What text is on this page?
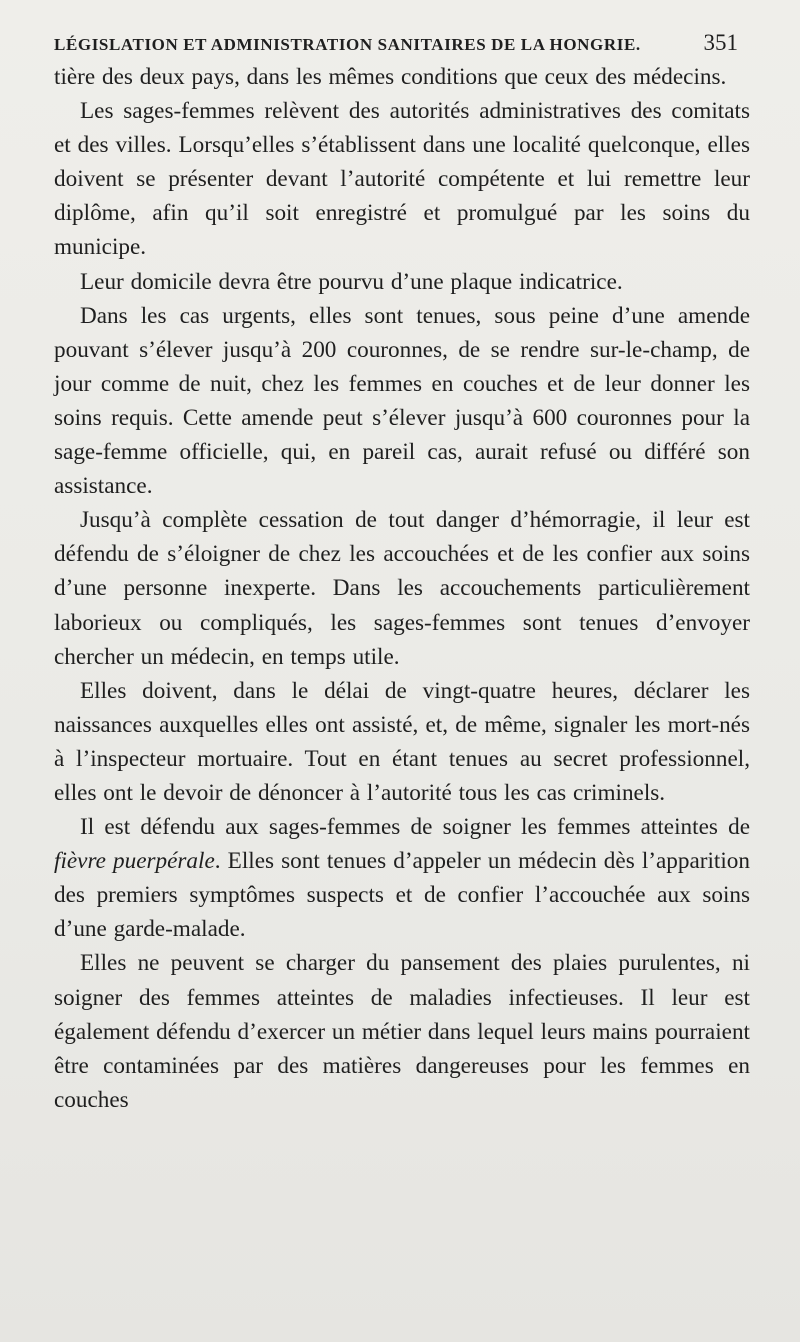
LÉGISLATION ET ADMINISTRATION SANITAIRES DE LA HONGRIE.	351

tière des deux pays, dans les mêmes conditions que ceux des médecins.

Les sages-femmes relèvent des autorités administratives des comitats et des villes. Lorsqu’elles s’établissent dans une localité quelconque, elles doivent se présenter devant l’autorité compétente et lui remettre leur diplôme, afin qu’il soit enregistré et promulgué par les soins du municipe.

Leur domicile devra être pourvu d’une plaque indicatrice.

Dans les cas urgents, elles sont tenues, sous peine d’une amende pouvant s’élever jusqu’à 200 couronnes, de se rendre sur-le-champ, de jour comme de nuit, chez les femmes en couches et de leur donner les soins requis. Cette amende peut s’élever jusqu’à 600 couronnes pour la sage-femme officielle, qui, en pareil cas, aurait refusé ou différé son assistance.

Jusqu’à complète cessation de tout danger d’hémorragie, il leur est défendu de s’éloigner de chez les accouchées et de les confier aux soins d’une personne inexperte. Dans les accouchements particulièrement laborieux ou compliqués, les sages-femmes sont tenues d’envoyer chercher un médecin, en temps utile.

Elles doivent, dans le délai de vingt-quatre heures, déclarer les naissances auxquelles elles ont assisté, et, de même, signaler les mort-nés à l’inspecteur mortuaire. Tout en étant tenues au secret professionnel, elles ont le devoir de dénoncer à l’autorité tous les cas criminels.

Il est défendu aux sages-femmes de soigner les femmes atteintes de fièvre puerpérale. Elles sont tenues d’appeler un médecin dès l’apparition des premiers symptômes suspects et de confier l’accouchée aux soins d’une garde-malade.

Elles ne peuvent se charger du pansement des plaies purulentes, ni soigner des femmes atteintes de maladies infectieuses. Il leur est également défendu d’exercer un métier dans lequel leurs mains pourraient être contaminées par des matières dangereuses pour les femmes en couches
